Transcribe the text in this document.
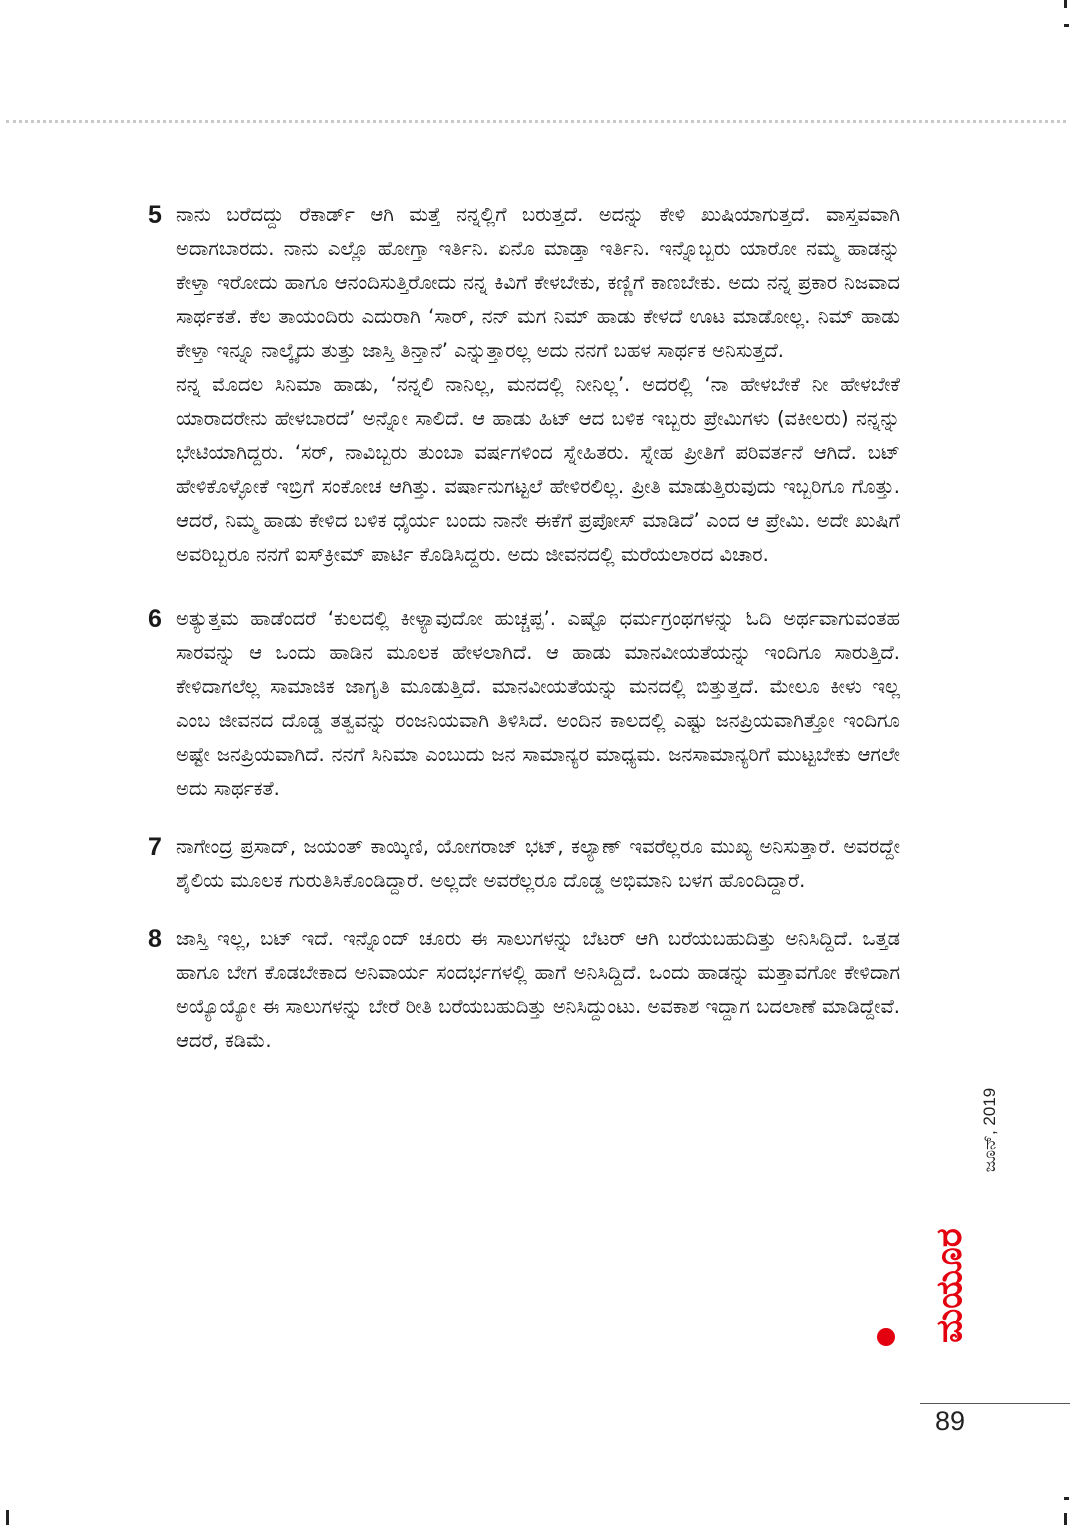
5 ನಾನು ಬರೆದದ್ದು ರೆಕಾರ್ಡ್ ಆಗಿ ಮತ್ತೆ ನನ್ನಲ್ಲಿಗೆ ಬರುತ್ತದೆ. ಅದನ್ನು ಕೇಳಿ ಖುಷಿಯಾಗುತ್ತದೆ. ವಾಸ್ತವವಾಗಿ ಅದಾಗಬಾರದು. ನಾನು ಎಲ್ಲೊ ಹೋಗ್ತಾ ಇರ್ತಿನಿ. ಏನೊ ಮಾಡ್ತಾ ಇರ್ತಿನಿ. ಇನ್ನೊಬ್ಬರು ಯಾರೋ ನಮ್ಮ ಹಾಡನ್ನು ಕೇಳ್ತಾ ಇರೋದು ಹಾಗೂ ಆನಂದಿಸುತ್ತಿರೋದು ನನ್ನ ಕಿವಿಗೆ ಕೇಳಬೇಕು, ಕಣ್ಣಿಗೆ ಕಾಣಬೇಕು. ಅದು ನನ್ನ ಪ್ರಕಾರ ನಿಜವಾದ ಸಾರ್ಥಕತೆ. ಕೆಲ ತಾಯಂದಿರು ಎದುರಾಗಿ ‘ಸಾರ್, ನನ್ ಮಗ ನಿಮ್ ಹಾಡು ಕೇಳದೆ ಊಟ ಮಾಡೋಲ್ಲ. ನಿಮ್ ಹಾಡು ಕೇಳ್ತಾ ಇನ್ನೂ ನಾಲ್ಕೈದು ತುತ್ತು ಜಾಸ್ತಿ ತಿನ್ತಾನೆ’ ಎನ್ನುತ್ತಾರಲ್ಲ ಅದು ನನಗೆ ಬಹಳ ಸಾರ್ಥಕ ಅನಿಸುತ್ತದೆ.

ನನ್ನ ಮೊದಲ ಸಿನಿಮಾ ಹಾಡು, ‘ನನ್ನಲಿ ನಾನಿಲ್ಲ, ಮನದಲ್ಲಿ ನೀನಿಲ್ಲ’. ಅದರಲ್ಲಿ ‘ನಾ ಹೇಳಬೇಕೆ ನೀ ಹೇಳಬೇಕೆ ಯಾರಾದರೇನು ಹೇಳಬಾರದೆ’ ಅನ್ನೋ ಸಾಲಿದೆ. ಆ ಹಾಡು ಹಿಟ್ ಆದ ಬಳಿಕ ಇಬ್ಬರು ಪ್ರೇಮಿಗಳು (ವಕೀಲರು) ನನ್ನನ್ನು ಭೇಟಿಯಾಗಿದ್ದರು. ‘ಸರ್, ನಾವಿಬ್ಬರು ತುಂಬಾ ವರ್ಷಗಳಿಂದ ಸ್ನೇಹಿತರು. ಸ್ನೇಹ ಪ್ರೀತಿಗೆ ಪರಿವರ್ತನೆ ಆಗಿದೆ. ಬಟ್ ಹೇಳಿಕೊಳ್ಳೋಕೆ ಇಬ್ರಿಗೆ ಸಂಕೋಚ ಆಗಿತ್ತು. ವರ್ಷಾನುಗಟ್ಟಲೆ ಹೇಳಿರಲಿಲ್ಲ. ಪ್ರೀತಿ ಮಾಡುತ್ತಿರುವುದು ಇಬ್ಬರಿಗೂ ಗೊತ್ತು. ಆದರೆ, ನಿಮ್ಮ ಹಾಡು ಕೇಳಿದ ಬಳಿಕ ಧೈರ್ಯ ಬಂದು ನಾನೇ ಈಕೆಗೆ ಪ್ರಪೋಸ್ ಮಾಡಿದೆ’ ಎಂದ ಆ ಪ್ರೇಮಿ. ಅದೇ ಖುಷಿಗೆ ಅವರಿಬ್ಬರೂ ನನಗೆ ಐಸ್‌ಕ್ರೀಮ್ ಪಾರ್ಟಿ ಕೊಡಿಸಿದ್ದರು. ಅದು ಜೀವನದಲ್ಲಿ ಮರೆಯಲಾರದ ವಿಚಾರ.

6 ಅತ್ಯುತ್ತಮ ಹಾಡೆಂದರೆ ‘ಕುಲದಲ್ಲಿ ಕೀಳ್ಯಾವುದೋ ಹುಚ್ಚಪ್ಪ’. ಎಷ್ಟೊ ಧರ್ಮಗ್ರಂಥಗಳನ್ನು ಓದಿ ಅರ್ಥವಾಗುವಂತಹ ಸಾರವನ್ನು ಆ ಒಂದು ಹಾಡಿನ ಮೂಲಕ ಹೇಳಲಾಗಿದೆ. ಆ ಹಾಡು ಮಾನವೀಯತೆಯನ್ನು ಇಂದಿಗೂ ಸಾರುತ್ತಿದೆ. ಕೇಳಿದಾಗಲೆಲ್ಲ ಸಾಮಾಜಿಕ ಜಾಗೃತಿ ಮೂಡುತ್ತಿದೆ. ಮಾನವೀಯತೆಯನ್ನು ಮನದಲ್ಲಿ ಬಿತ್ತುತ್ತದೆ. ಮೇಲೂ ಕೀಳು ಇಲ್ಲ ಎಂಬ ಜೀವನದ ದೊಡ್ಡ ತತ್ವವನ್ನು ರಂಜನಿಯವಾಗಿ ತಿಳಿಸಿದೆ. ಅಂದಿನ ಕಾಲದಲ್ಲಿ ಎಷ್ಟು ಜನಪ್ರಿಯವಾಗಿತ್ತೋ ಇಂದಿಗೂ ಅಷ್ಟೇ ಜನಪ್ರಿಯವಾಗಿದೆ. ನನಗೆ ಸಿನಿಮಾ ಎಂಬುದು ಜನ ಸಾಮಾನ್ಯರ ಮಾಧ್ಯಮ. ಜನಸಾಮಾನ್ಯರಿಗೆ ಮುಟ್ಟಬೇಕು ಆಗಲೇ ಅದು ಸಾರ್ಥಕತೆ.

7 ನಾಗೇಂದ್ರ ಪ್ರಸಾದ್, ಜಯಂತ್ ಕಾಯ್ಕಿಣಿ, ಯೋಗರಾಜ್ ಭಟ್, ಕಲ್ಯಾಣ್ ಇವರೆಲ್ಲರೂ ಮುಖ್ಯ ಅನಿಸುತ್ತಾರೆ. ಅವರದ್ದೇ ಶೈಲಿಯ ಮೂಲಕ ಗುರುತಿಸಿಕೊಂಡಿದ್ದಾರೆ. ಅಲ್ಲದೇ ಅವರೆಲ್ಲರೂ ದೊಡ್ಡ ಅಭಿಮಾನಿ ಬಳಗ ಹೊಂದಿದ್ದಾರೆ.

8 ಜಾಸ್ತಿ ಇಲ್ಲ, ಬಟ್ ಇದೆ. ಇನ್ನೊಂದ್ ಚೂರು ಈ ಸಾಲುಗಳನ್ನು ಬೆಟರ್ ಆಗಿ ಬರೆಯಬಹುದಿತ್ತು ಅನಿಸಿದ್ದಿದೆ. ಒತ್ತಡ ಹಾಗೂ ಬೇಗ ಕೊಡಬೇಕಾದ ಅನಿವಾರ್ಯ ಸಂದರ್ಭಗಳಲ್ಲಿ ಹಾಗೆ ಅನಿಸಿದ್ದಿದೆ. ಒಂದು ಹಾಡನ್ನು ಮತ್ತಾವಗೋ ಕೇಳಿದಾಗ ಅಯ್ಯೊಯ್ಯೋ ಈ ಸಾಲುಗಳನ್ನು ಬೇರೆ ರೀತಿ ಬರೆಯಬಹುದಿತ್ತು ಅನಿಸಿದ್ದುಂಟು. ಅವಕಾಶ ಇದ್ದಾಗ ಬದಲಾಣೆ ಮಾಡಿದ್ದೇವೆ. ಆದರೆ, ಕಡಿಮೆ.

ಜೂನ್, 2019
ಮಯೂರ
89
